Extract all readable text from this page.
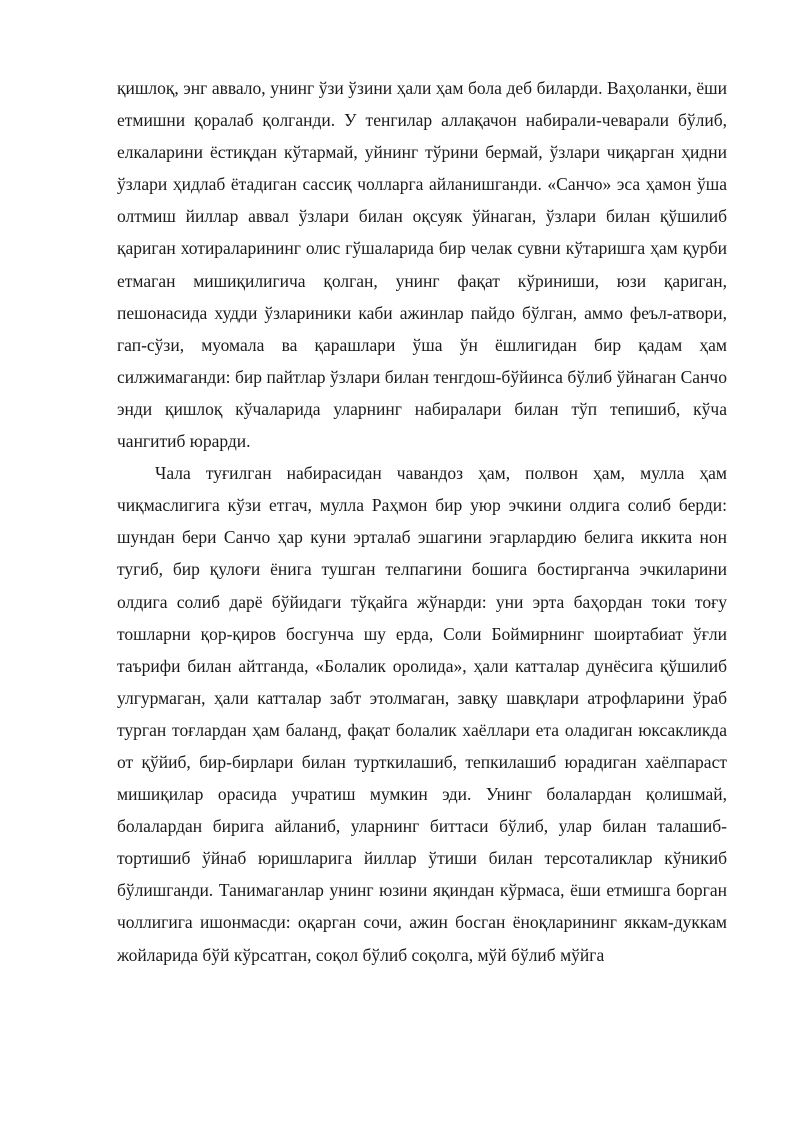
қишлоқ, энг аввало, унинг ўзи ўзини ҳали ҳам бола деб биларди. Ваҳоланки, ёши етмишни қоралаб қолганди. У тенгилар аллақачон набирали-чеварали бўлиб, елкаларини ёстиқдан кўтармай, уйнинг тўрини бермай, ўзлари чиқарган ҳидни ўзлари ҳидлаб ётадиган сассиқ чолларга айланишганди. «Санчо» эса ҳамон ўша олтмиш йиллар аввал ўзлари билан оқсуяк ўйнаган, ўзлари билан қўшилиб қариган хотираларининг олис гўшаларида бир челак сувни кўтаришга ҳам қурби етмаган мишиқилигича қолган, унинг фақат кўриниши, юзи қариган, пешонасида худди ўзлариники каби ажинлар пайдо бўлган, аммо феъл-атвори, гап-сўзи, муомала ва қарашлари ўша ўн ёшлигидан бир қадам ҳам силжимаганди: бир пайтлар ўзлари билан тенгдош-бўйинса бўлиб ўйнаган Санчо энди қишлоқ кўчаларида уларнинг набиралари билан тўп тепишиб, кўча чангитиб юрарди.

Чала туғилган набирасидан чавандоз ҳам, полвон ҳам, мулла ҳам чиқмаслигига кўзи етгач, мулла Раҳмон бир уюр эчкини олдига солиб берди: шундан бери Санчо ҳар куни эрталаб эшагини эгарлардию белига иккита нон тугиб, бир қулоғи ёнига тушган телпагини бошига бостирганча эчкиларини олдига солиб дарё бўйидаги тўқайга жўнарди: уни эрта баҳордан токи тоғу тошларни қор-қиров босгунча шу ерда, Соли Боймирнинг шоиртабиат ўғли таърифи билан айтганда, «Болалик оролида», ҳали катталар дунёсига қўшилиб улгурмаган, ҳали катталар забт этолмаган, завқу шавқлари атрофларини ўраб турган тоғлардан ҳам баланд, фақат болалик хаёллари ета оладиган юксакликда от қўйиб, бир-бирлари билан турткилашиб, тепкилашиб юрадиган хаёлпараст мишиқилар орасида учратиш мумкин эди. Унинг болалардан қолишмай, болалардан бирига айланиб, уларнинг биттаси бўлиб, улар билан талашиб-тортишиб ўйнаб юришларига йиллар ўтиши билан терсоталиклар кўникиб бўлишганди. Танимаганлар унинг юзини яқиндан кўрмаса, ёши етмишга борган чоллигига ишонмасди: оқарган сочи, ажин босган ёноқларининг яккам-дуккам жойларида бўй кўрсатган, соқол бўлиб соқолга, мўй бўлиб мўйга
